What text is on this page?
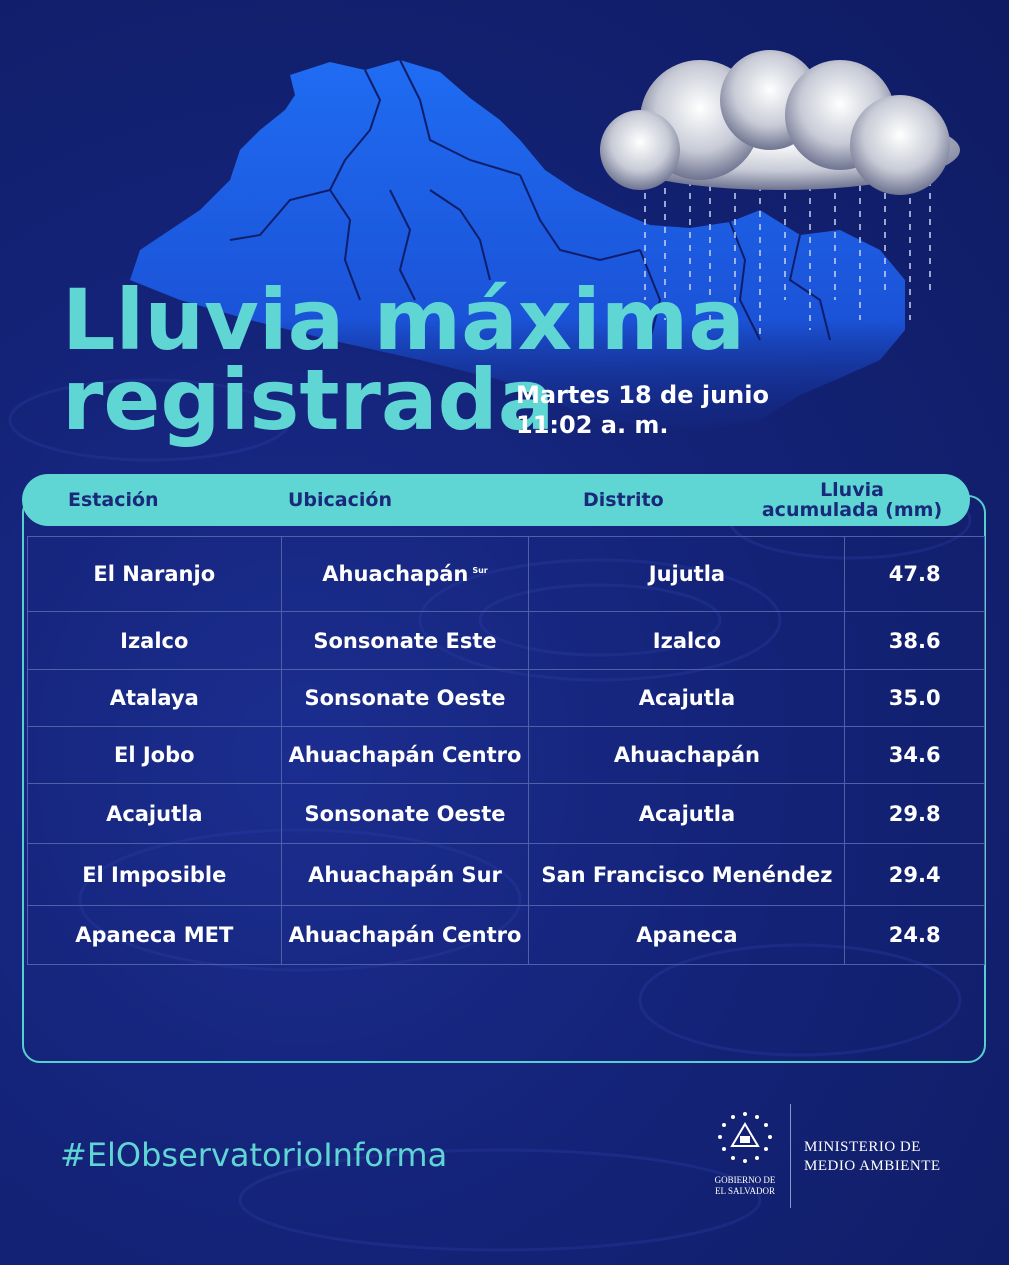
Lluvia máxima
registrada
Martes 18 de junio
11:02 a. m.
Estación	Ubicación	Distrito	Lluvia
acumulada (mm)
El Naranjo	Ahuachapán $^{Sur}$	Jujutla	47.8
Izalco	Sonsonate Este	Izalco	38.6
Atalaya	Sonsonate Oeste	Acajutla	35.0
El Jobo	Ahuachapán Centro	Ahuachapán	34.6
Acajutla	Sonsonate Oeste	Acajutla	29.8
El Imposible	Ahuachapán Sur	San Francisco Menéndez	29.4
Apaneca MET	Ahuachapán Centro	Apaneca	24.8
#ElObservatorioInforma
GOBIERNO DE
EL SALVADOR
MINISTERIO DE
MEDIO AMBIENTE
